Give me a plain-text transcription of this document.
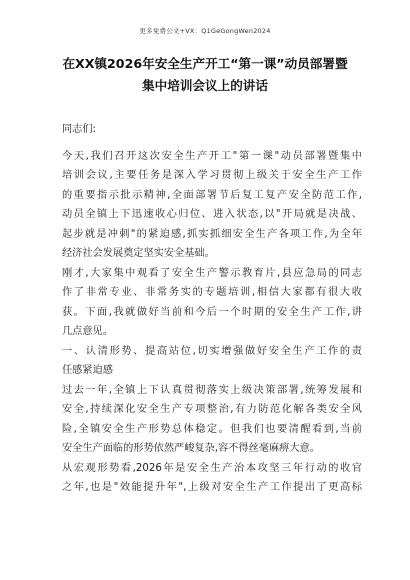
更多免费公文+VX：Q1GeGongWen2024
在XX镇2026年安全生产开工“第一课”动员部署暨
集中培训会议上的讲话
同志们:
今天,我们召开这次安全生产开工"第一课"动员部署暨集中
培训会议,主要任务是深入学习贯彻上级关于安全生产工作
的重要指示批示精神,全面部署节后复工复产安全防范工作,
动员全镇上下迅速收心归位、进入状态,以"开局就是决战、
起步就是冲刺"的紧迫感,抓实抓细安全生产各项工作,为全年
经济社会发展奠定坚实安全基础。
刚才,大家集中观看了安全生产警示教育片,县应急局的同志
作了非常专业、非常务实的专题培训,相信大家都有很大收
获。下面,我就做好当前和今后一个时期的安全生产工作,讲
几点意见。
一、认清形势、提高站位,切实增强做好安全生产工作的责
任感紧迫感
过去一年,全镇上下认真贯彻落实上级决策部署,统筹发展和
安全,持续深化安全生产专项整治,有力防范化解各类安全风
险,全镇安全生产形势总体稳定。但我们也要清醒看到,当前
安全生产面临的形势依然严峻复杂,容不得丝毫麻痹大意。
从宏观形势看,2026年是安全生产治本攻坚三年行动的收官
之年,也是"效能提升年",上级对安全生产工作提出了更高标
